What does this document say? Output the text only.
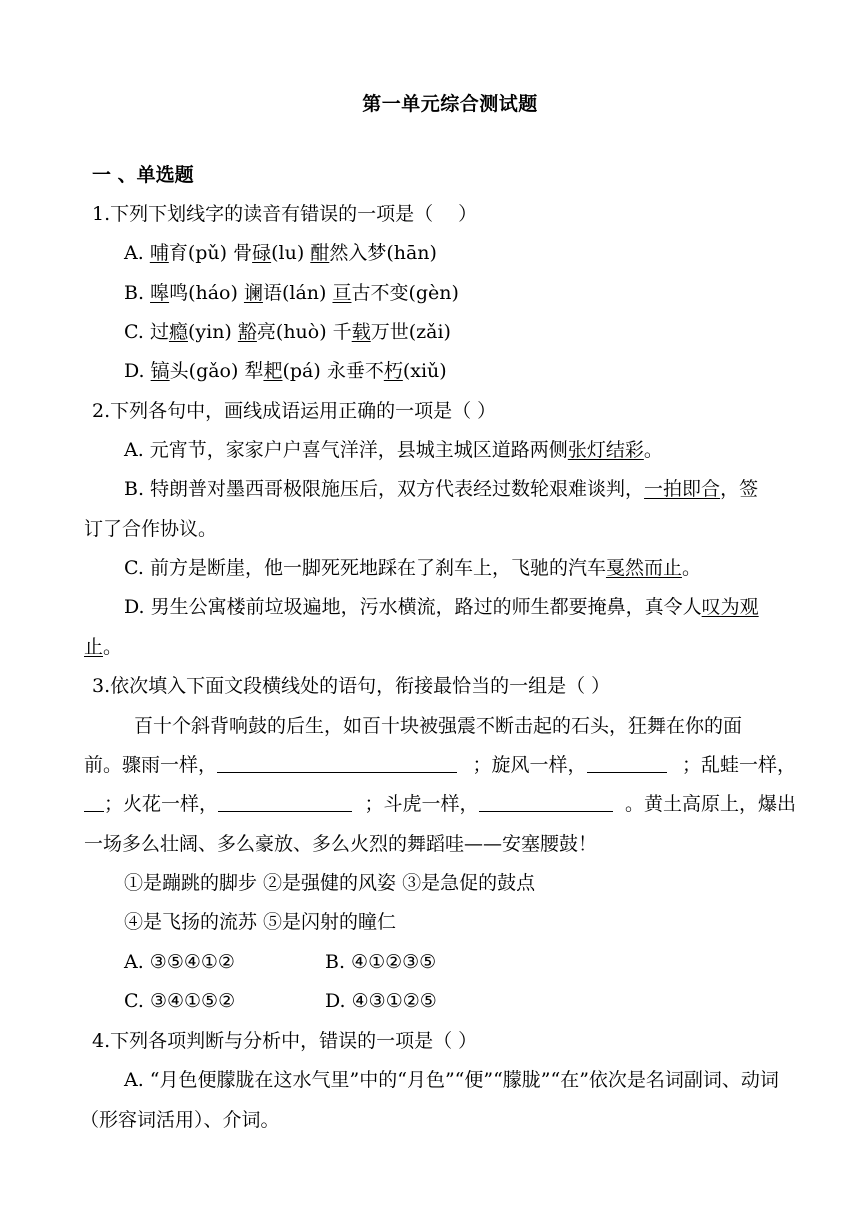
第一单元综合测试题
一 、单选题
1.下列下划线字的读音有错误的一项是（　 ）
A. 哺育(pǔ) 骨碌(lu) 酣然入梦(hān)
B. 嗥鸣(háo) 谰语(lán) 亘古不变(gèn)
C. 过瘾(yin) 豁亮(huò) 千载万世(zǎi)
D. 镐头(gǎo) 犁耙(pá) 永垂不朽(xiǔ)
2.下列各句中，画线成语运用正确的一项是（ ）
A. 元宵节，家家户户喜气洋洋，县城主城区道路两侧张灯结彩。
B. 特朗普对墨西哥极限施压后，双方代表经过数轮艰难谈判，一拍即合，签
订了合作协议。
C. 前方是断崖，他一脚死死地踩在了刹车上，飞驰的汽车戛然而止。
D. 男生公寓楼前垃圾遍地，污水横流，路过的师生都要掩鼻，真令人叹为观
止。
3.依次填入下面文段横线处的语句，衔接最恰当的一组是（ ）
百十个斜背响鼓的后生，如百十块被强震不断击起的石头，狂舞在你的面
前。骤雨一样，	；旋风一样，	；乱蛙一样，
；火花一样，	；斗虎一样，	。黄土高原上，爆出
一场多么壮阔、多么豪放、多么火烈的舞蹈哇——安塞腰鼓！
①是蹦跳的脚步 ②是强健的风姿 ③是急促的鼓点
④是飞扬的流苏 ⑤是闪射的瞳仁
A. ③⑤④①②	B. ④①②③⑤
C. ③④①⑤②	D. ④③①②⑤
4.下列各项判断与分析中，错误的一项是（ ）
A. “月色便朦胧在这水气里”中的“月色”“便”“朦胧”“在”依次是名词副词、动词
（形容词活用）、介词。
